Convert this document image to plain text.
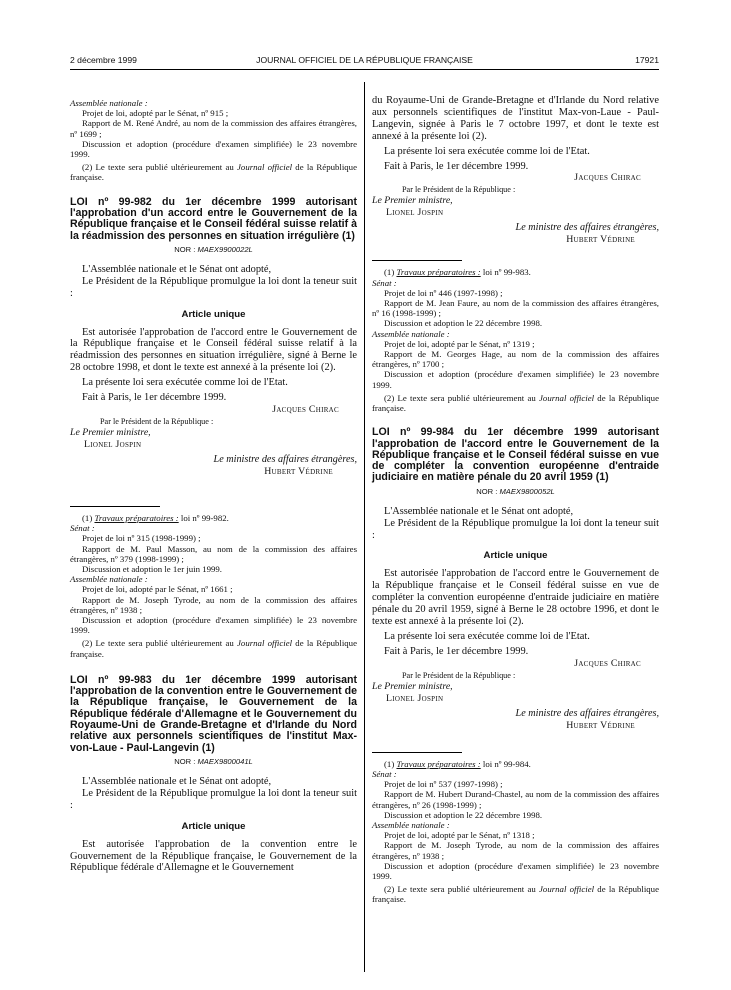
2 décembre 1999	JOURNAL OFFICIEL DE LA RÉPUBLIQUE FRANÇAISE	17921

Assemblée nationale :

Projet de loi, adopté par le Sénat, nº 915 ;

Rapport de M. René André, au nom de la commission des affaires étrangères, nº 1699 ;

Discussion et adoption (procédure d'examen simplifiée) le 23 novembre 1999.

(2) Le texte sera publié ultérieurement au Journal officiel de la République française.

LOI nº 99-982 du 1er décembre 1999 autorisant l'approbation d'un accord entre le Gouvernement de la République française et le Conseil fédéral suisse relatif à la réadmission des personnes en situation irrégulière (1)

NOR : MAEX9900022L

L'Assemblée nationale et le Sénat ont adopté,

Le Président de la République promulgue la loi dont la teneur suit :

Article unique

Est autorisée l'approbation de l'accord entre le Gouvernement de la République française et le Conseil fédéral suisse relatif à la réadmission des personnes en situation irrégulière, signé à Berne le 28 octobre 1998, et dont le texte est annexé à la présente loi (2).

La présente loi sera exécutée comme loi de l'Etat.

Fait à Paris, le 1er décembre 1999.

Jacques Chirac

Par le Président de la République :

Le Premier ministre,

Lionel Jospin

Le ministre des affaires étrangères,

Hubert Védrine

(1) Travaux préparatoires : loi nº 99-982.

Sénat :

Projet de loi nº 315 (1998-1999) ;

Rapport de M. Paul Masson, au nom de la commission des affaires étrangères, nº 379 (1998-1999) ;

Discussion et adoption le 1er juin 1999.

Assemblée nationale :

Projet de loi, adopté par le Sénat, nº 1661 ;

Rapport de M. Joseph Tyrode, au nom de la commission des affaires étrangères, nº 1938 ;

Discussion et adoption (procédure d'examen simplifiée) le 23 novembre 1999.

(2) Le texte sera publié ultérieurement au Journal officiel de la République française.

LOI nº 99-983 du 1er décembre 1999 autorisant l'approbation de la convention entre le Gouvernement de la République française, le Gouvernement de la République fédérale d'Allemagne et le Gouvernement du Royaume-Uni de Grande-Bretagne et d'Irlande du Nord relative aux personnels scientifiques de l'institut Max-von-Laue - Paul-Langevin (1)

NOR : MAEX9800041L

L'Assemblée nationale et le Sénat ont adopté,

Le Président de la République promulgue la loi dont la teneur suit :

Article unique

Est autorisée l'approbation de la convention entre le Gouvernement de la République française, le Gouvernement de la République fédérale d'Allemagne et le Gouvernement

du Royaume-Uni de Grande-Bretagne et d'Irlande du Nord relative aux personnels scientifiques de l'institut Max-von-Laue - Paul-Langevin, signée à Paris le 7 octobre 1997, et dont le texte est annexé à la présente loi (2).

La présente loi sera exécutée comme loi de l'Etat.

Fait à Paris, le 1er décembre 1999.

Jacques Chirac

Par le Président de la République :

Le Premier ministre,

Lionel Jospin

Le ministre des affaires étrangères,

Hubert Védrine

(1) Travaux préparatoires : loi nº 99-983.

Sénat :

Projet de loi nº 446 (1997-1998) ;

Rapport de M. Jean Faure, au nom de la commission des affaires étrangères, nº 16 (1998-1999) ;

Discussion et adoption le 22 décembre 1998.

Assemblée nationale :

Projet de loi, adopté par le Sénat, nº 1319 ;

Rapport de M. Georges Hage, au nom de la commission des affaires étrangères, nº 1700 ;

Discussion et adoption (procédure d'examen simplifiée) le 23 novembre 1999.

(2) Le texte sera publié ultérieurement au Journal officiel de la République française.

LOI nº 99-984 du 1er décembre 1999 autorisant l'approbation de l'accord entre le Gouvernement de la République française et le Conseil fédéral suisse en vue de compléter la convention européenne d'entraide judiciaire en matière pénale du 20 avril 1959 (1)

NOR : MAEX9800052L

L'Assemblée nationale et le Sénat ont adopté,

Le Président de la République promulgue la loi dont la teneur suit :

Article unique

Est autorisée l'approbation de l'accord entre le Gouvernement de la République française et le Conseil fédéral suisse en vue de compléter la convention européenne d'entraide judiciaire en matière pénale du 20 avril 1959, signé à Berne le 28 octobre 1996, et dont le texte est annexé à la présente loi (2).

La présente loi sera exécutée comme loi de l'Etat.

Fait à Paris, le 1er décembre 1999.

Jacques Chirac

Par le Président de la République :

Le Premier ministre,

Lionel Jospin

Le ministre des affaires étrangères,

Hubert Védrine

(1) Travaux préparatoires : loi nº 99-984.

Sénat :

Projet de loi nº 537 (1997-1998) ;

Rapport de M. Hubert Durand-Chastel, au nom de la commission des affaires étrangères, nº 26 (1998-1999) ;

Discussion et adoption le 22 décembre 1998.

Assemblée nationale :

Projet de loi, adopté par le Sénat, nº 1318 ;

Rapport de M. Joseph Tyrode, au nom de la commission des affaires étrangères, nº 1938 ;

Discussion et adoption (procédure d'examen simplifiée) le 23 novembre 1999.

(2) Le texte sera publié ultérieurement au Journal officiel de la République française.
